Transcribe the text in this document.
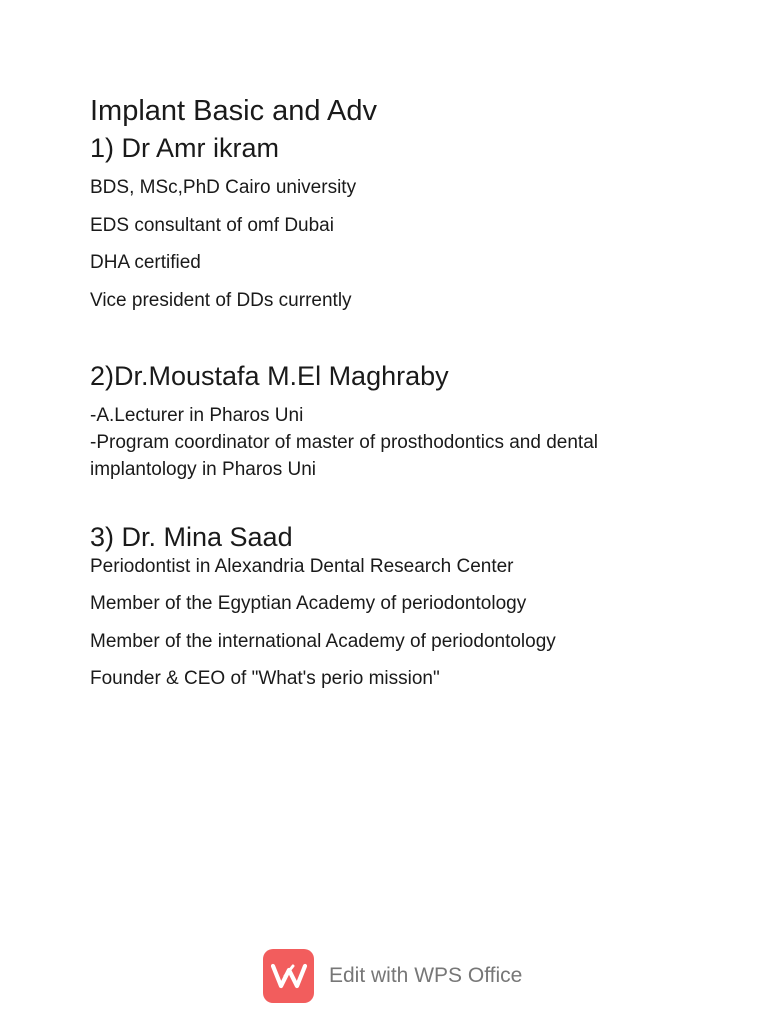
Implant Basic and Adv
1) Dr Amr ikram

BDS, MSc,PhD Cairo university

EDS consultant of omf Dubai

DHA certified

Vice president of DDs currently

2)Dr.Moustafa M.El Maghraby

-A.Lecturer in Pharos Uni

-Program coordinator of master of prosthodontics and dental

implantology in Pharos Uni

3) Dr. Mina Saad

Periodontist in Alexandria Dental Research Center

Member of the Egyptian Academy of periodontology

Member of the international Academy of periodontology

Founder & CEO of "What's perio mission"

Edit with WPS Office
